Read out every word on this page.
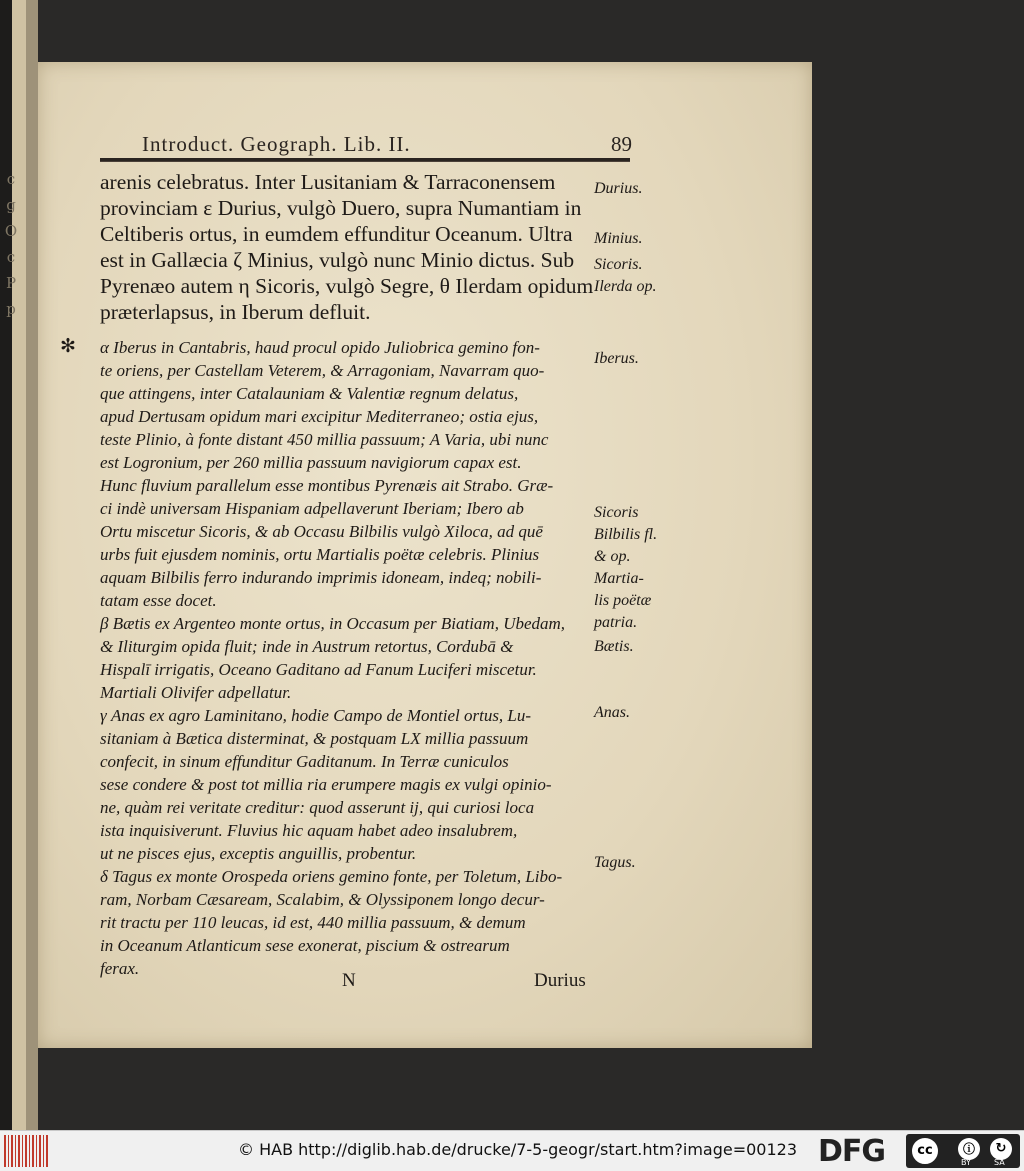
c
g
O
c
P
p
Introduct. Geograph. Lib. II.	89
arenis celebratus. Inter Lusitaniam & Tarraconensem
provinciam ε Durius, vulgò Duero, supra Numantiam in
Celtiberis ortus, in eumdem effunditur Oceanum. Ultra
est in Gallæcia ζ Minius, vulgò nunc Minio dictus. Sub
Pyrenæo autem η Sicoris, vulgò Segre, θ Ilerdam opidum
præterlapsus, in Iberum defluit.
Durius.
Minius.
Sicoris.
Ilerda op.
✻ α Iberus in Cantabris, haud procul opido Juliobrica gemino fon-
te oriens, per Castellam Veterem, & Arragoniam, Navarram quo-
que attingens, inter Catalauniam & Valentiæ regnum delatus,
apud Dertusam opidum mari excipitur Mediterraneo; ostia ejus,
teste Plinio, à fonte distant 450 millia passuum; A Varia, ubi nunc
est Logronium, per 260 millia passuum navigiorum capax est.
Hunc fluvium parallelum esse montibus Pyrenæis ait Strabo. Græ-
ci indè universam Hispaniam adpellaverunt Iberiam; Ibero ab
Ortu miscetur Sicoris, & ab Occasu Bilbilis vulgò Xiloca, ad quē
urbs fuit ejusdem nominis, ortu Martialis poëtæ celebris. Plinius
aquam Bilbilis ferro indurando imprimis idoneam, indeq; nobili-
tatam esse docet.
β Bætis ex Argenteo monte ortus, in Occasum per Biatiam, Ubedam,
& Iliturgim opida fluit; inde in Austrum retortus, Cordubā &
Hispalī irrigatis, Oceano Gaditano ad Fanum Luciferi miscetur.
Martiali Olivifer adpellatur.
γ Anas ex agro Laminitano, hodie Campo de Montiel ortus, Lu-
sitaniam à Bætica disterminat, & postquam LX millia passuum
confecit, in sinum effunditur Gaditanum. In Terræ cuniculos
sese condere & post tot millia ria erumpere magis ex vulgi opinio-
ne, quàm rei veritate creditur: quod asserunt ij, qui curiosi loca
ista inquisiverunt. Fluvius hic aquam habet adeo insalubrem,
ut ne pisces ejus, exceptis anguillis, probentur.
δ Tagus ex monte Orospeda oriens gemino fonte, per Toletum, Libo-
ram, Norbam Cæsaream, Scalabim, & Olyssiponem longo decur-
rit tractu per 110 leucas, id est, 440 millia passuum, & demum
in Oceanum Atlanticum sese exonerat, piscium & ostrearum
ferax.
Iberus.
Sicoris
Bilbilis fl.
& op.
Martia-
lis poëtæ
patria.
Bætis.
Anas.
Tagus.
N	Durius
© HAB http://diglib.hab.de/drucke/7-5-geogr/start.htm?image=00123 DFG	cc	ⓘ	↻
BY	SA
